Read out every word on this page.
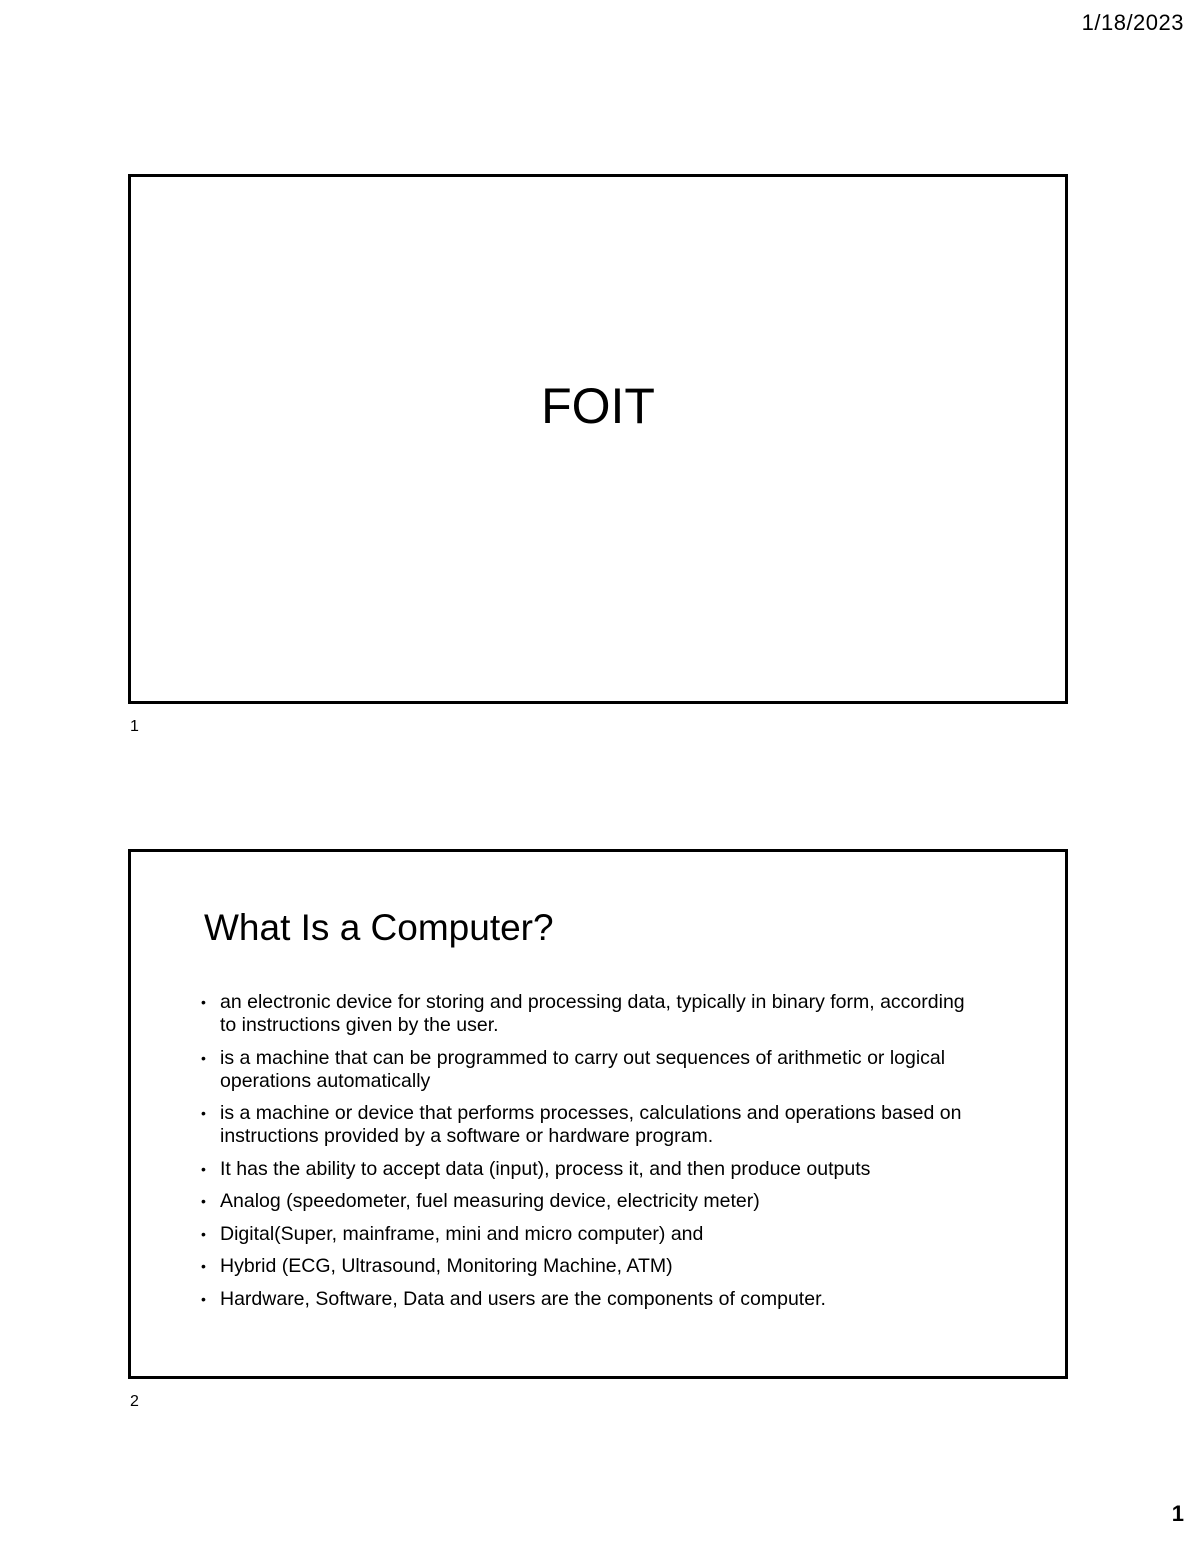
1/18/2023
FOIT
1
What Is a Computer?
• an electronic device for storing and processing data, typically in binary form, according to instructions given by the user.
• is a machine that can be programmed to carry out sequences of arithmetic or logical operations automatically
• is a machine or device that performs processes, calculations and operations based on instructions provided by a software or hardware program.
• It has the ability to accept data (input), process it, and then produce outputs
• Analog (speedometer, fuel measuring device, electricity meter)
• Digital(Super, mainframe, mini and micro computer) and
• Hybrid (ECG, Ultrasound, Monitoring Machine, ATM)
• Hardware, Software, Data and users are the components of computer.
2
1
